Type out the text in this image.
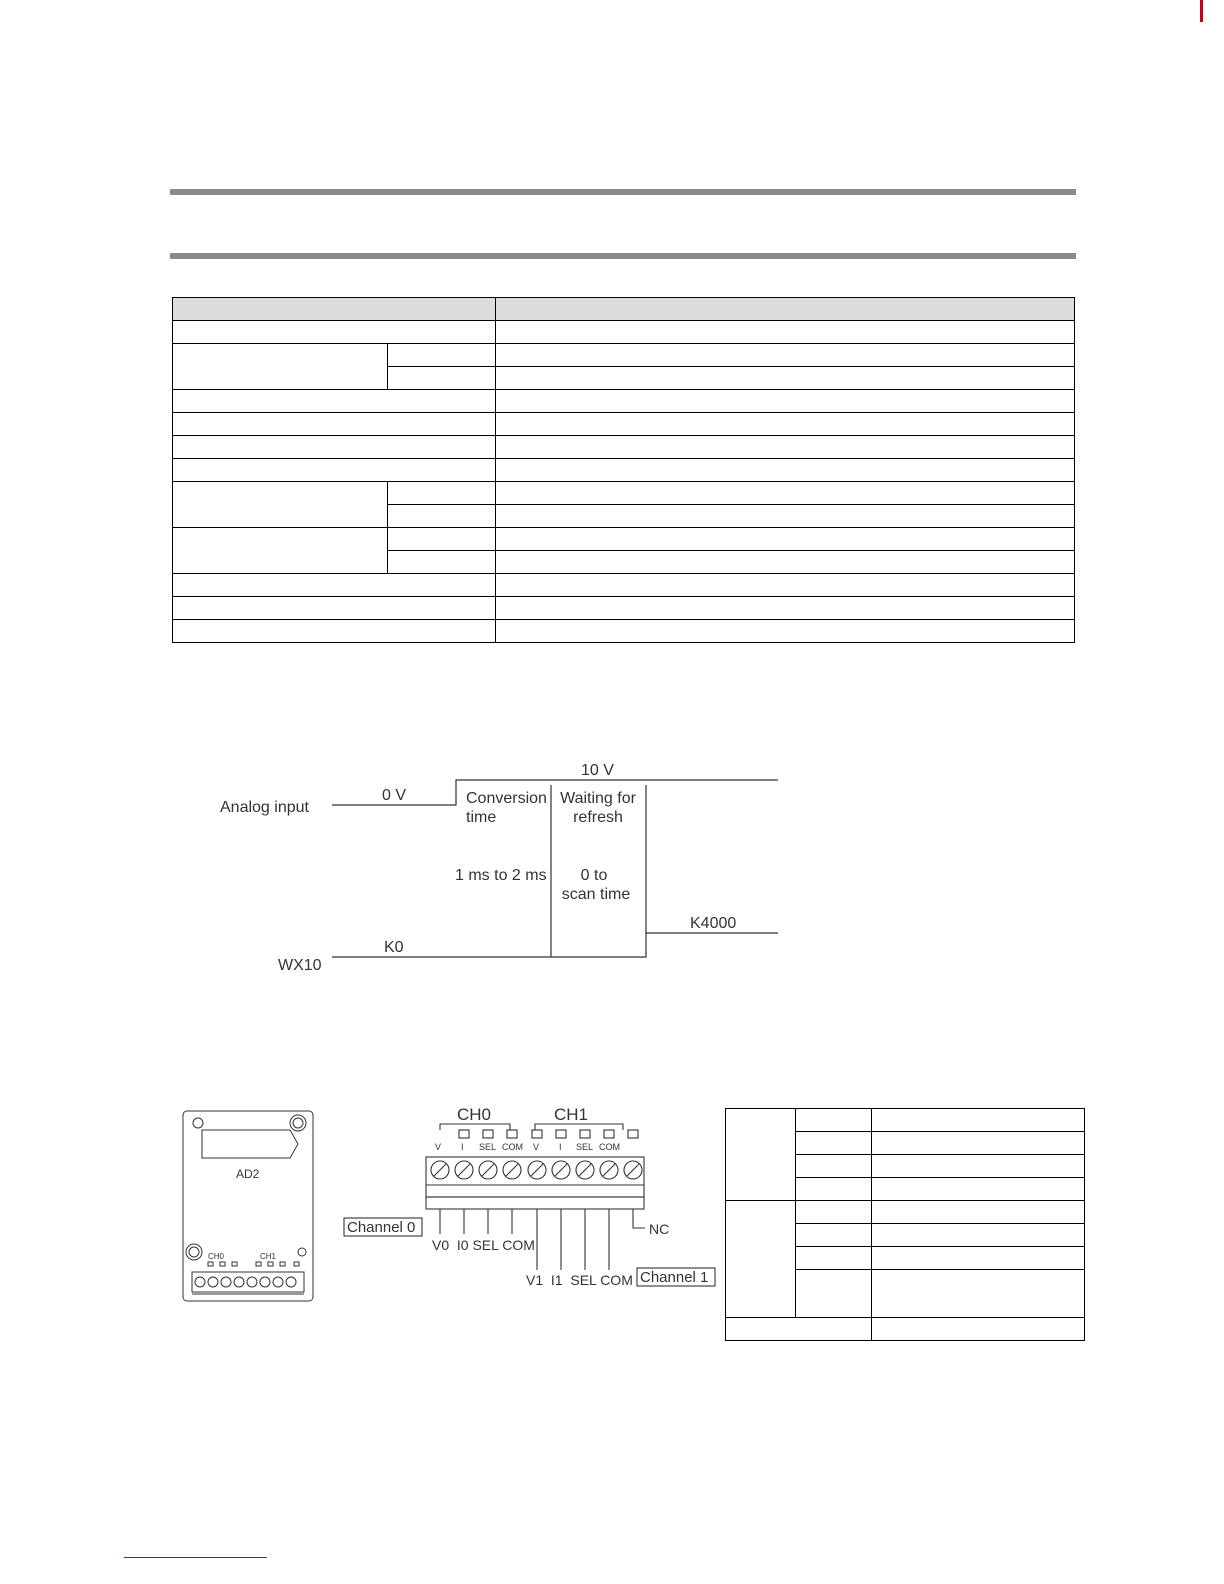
Analog input
0 V
10 V
Conversion
time
Waiting for
refresh
1 ms to 2 ms 0 to
scan time
WX10
K0
K4000
AD2
CH0	CH1
CH0	CH1
V I SEL COM V I SEL COM
Channel 0
Channel 1
V0  I0 SEL COM
V1  I1  SEL COM
NC
